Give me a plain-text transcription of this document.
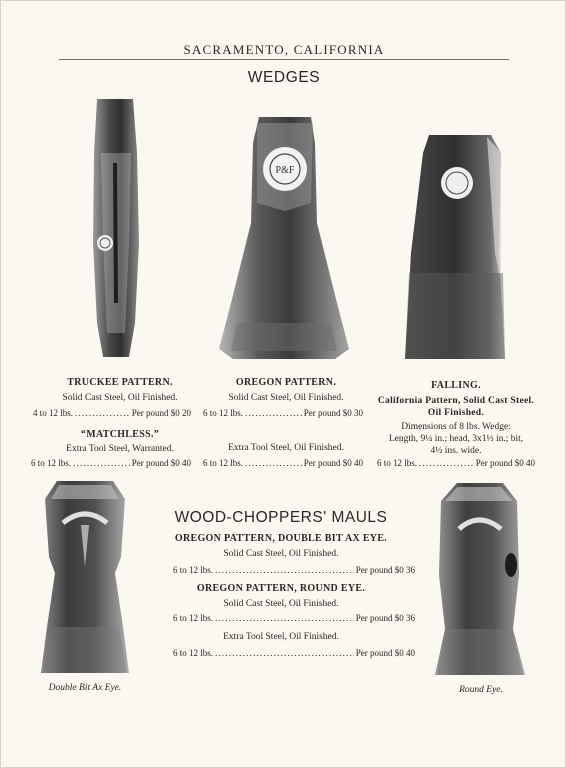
SACRAMENTO, CALIFORNIA
WEDGES
P&F
TRUCKEE PATTERN.
Solid Cast Steel, Oil Finished.
4 to 12 lbs. .....	Per pound $0 20
“MATCHLESS.”
Extra Tool Steel, Warranted.
6 to 12 lbs. .....	Per pound $0 40
OREGON PATTERN.
Solid Cast Steel, Oil Finished.
6 to 12 lbs. .....	Per pound $0 30
Extra Tool Steel, Oil Finished.
6 to 12 lbs. .....	Per pound $0 40
FALLING.
California Pattern, Solid Cast Steel.
Oil Finished.
Dimensions of 8 lbs. Wedge:
Length, 9¼ in.; head, 3x1½ in.; bit,
4½ ins. wide.
6 to 12 lbs. .....	Per pound $0 40
WOOD-CHOPPERS' MAULS
OREGON PATTERN, DOUBLE BIT AX EYE.
Solid Cast Steel, Oil Finished.
6 to 12 lbs. .....	Per pound $0 36
OREGON PATTERN, ROUND EYE.
Solid Cast Steel, Oil Finished.
6 to 12 lbs. .....	Per pound $0 36
Extra Tool Steel, Oil Finished.
6 to 12 lbs. .....	Per pound $0 40
Double Bit Ax Eye.	Round Eye.
